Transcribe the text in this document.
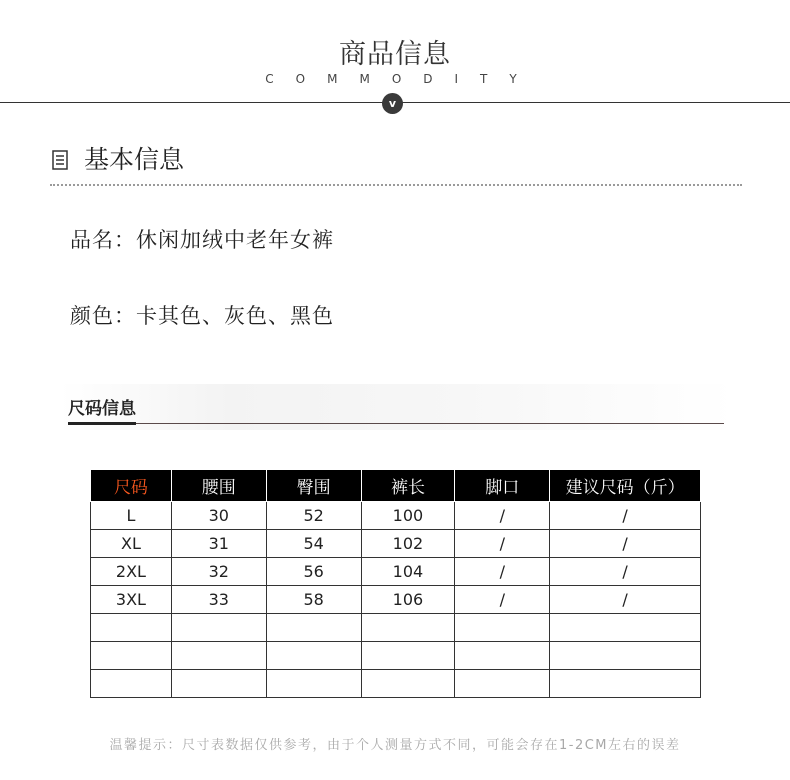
商品信息
COMMODITY
v
基本信息
品名：休闲加绒中老年女裤
颜色：卡其色、灰色、黑色
尺码信息
尺码	腰围	臀围	裤长	脚口	建议尺码（斤）
L	30	52	100	/	/
XL	31	54	102	/	/
2XL	32	56	104	/	/
3XL	33	58	106	/	/

温馨提示：尺寸表数据仅供参考，由于个人测量方式不同，可能会存在1-2CM左右的误差
